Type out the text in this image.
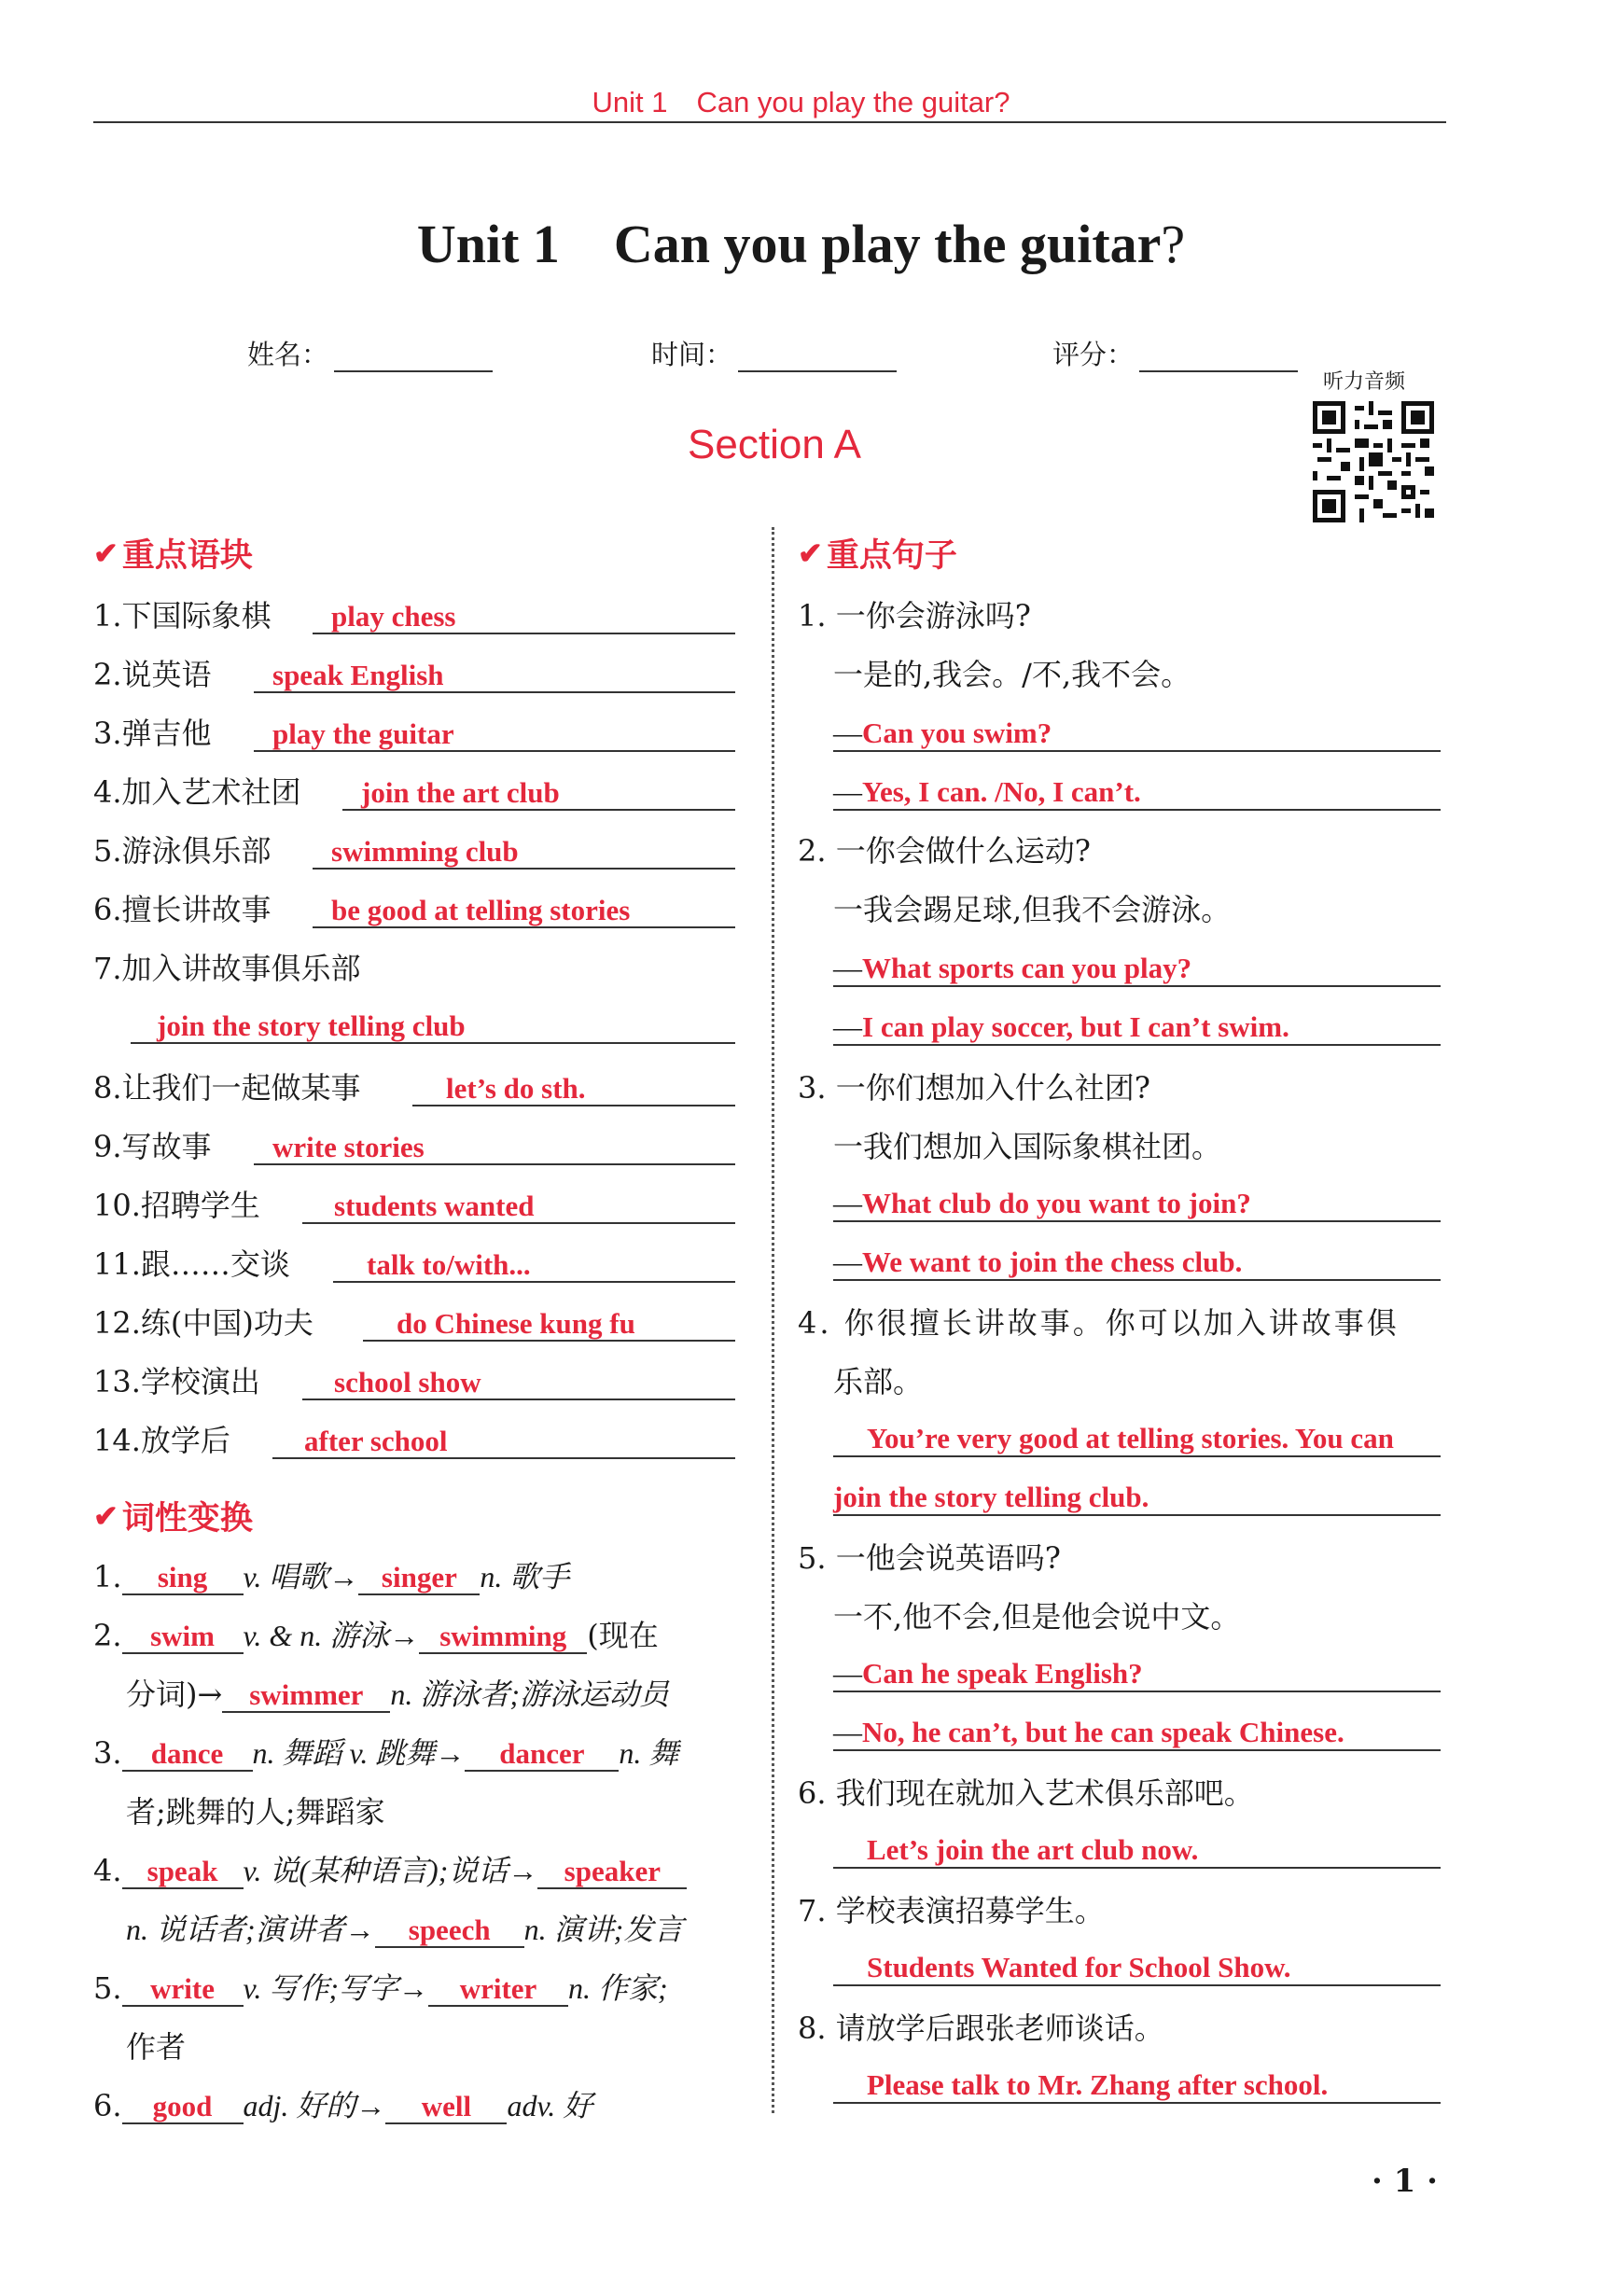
Unit 1　Can you play the guitar?
Unit 1　Can you play the guitar?
姓名：	时间：	评分：
听力音频
Section A
✔ 重点语块
1.下国际象棋	play chess
2.说英语	speak English
3.弹吉他	play the guitar
4.加入艺术社团	join the art club
5.游泳俱乐部	swimming club
6.擅长讲故事	be good at telling stories
7.加入讲故事俱乐部
join the story telling club
8.让我们一起做某事	let’s do sth.
9.写故事	write stories
10.招聘学生	students wanted
11.跟……交谈	talk to/with...
12.练(中国)功夫	do Chinese kung fu
13.学校演出	school show
14.放学后	after school
✔ 词性变换
1. sing v. 唱歌→ singer n. 歌手
2. swim v. & n. 游泳→ swimming (现在
分词)→ swimmer n. 游泳者;游泳运动员
3. dance n. 舞蹈 v. 跳舞→ dancer n. 舞
者;跳舞的人;舞蹈家
4. speak v. 说(某种语言);说话→ speaker
n. 说话者;演讲者→ speech n. 演讲;发言
5. write v. 写作;写字→ writer n. 作家;
作者
6. good adj. 好的→ well adv. 好
✔ 重点句子
1. 一你会游泳吗?
一是的,我会。/不,我不会。
—Can you swim?
—Yes, I can. /No, I can’t.
2. 一你会做什么运动?
一我会踢足球,但我不会游泳。
—What sports can you play?
—I can play soccer, but I can’t swim.
3. 一你们想加入什么社团?
一我们想加入国际象棋社团。
—What club do you want to join?
—We want to join the chess club.
4. 你很擅长讲故事。你可以加入讲故事俱
乐部。
You’re very good at telling stories. You can
join the story telling club.
5. 一他会说英语吗?
一不,他不会,但是他会说中文。
—Can he speak English?
—No, he can’t, but he can speak Chinese.
6. 我们现在就加入艺术俱乐部吧。
Let’s join the art club now.
7. 学校表演招募学生。
Students Wanted for School Show.
8. 请放学后跟张老师谈话。
Please talk to Mr. Zhang after school.
· 1 ·
